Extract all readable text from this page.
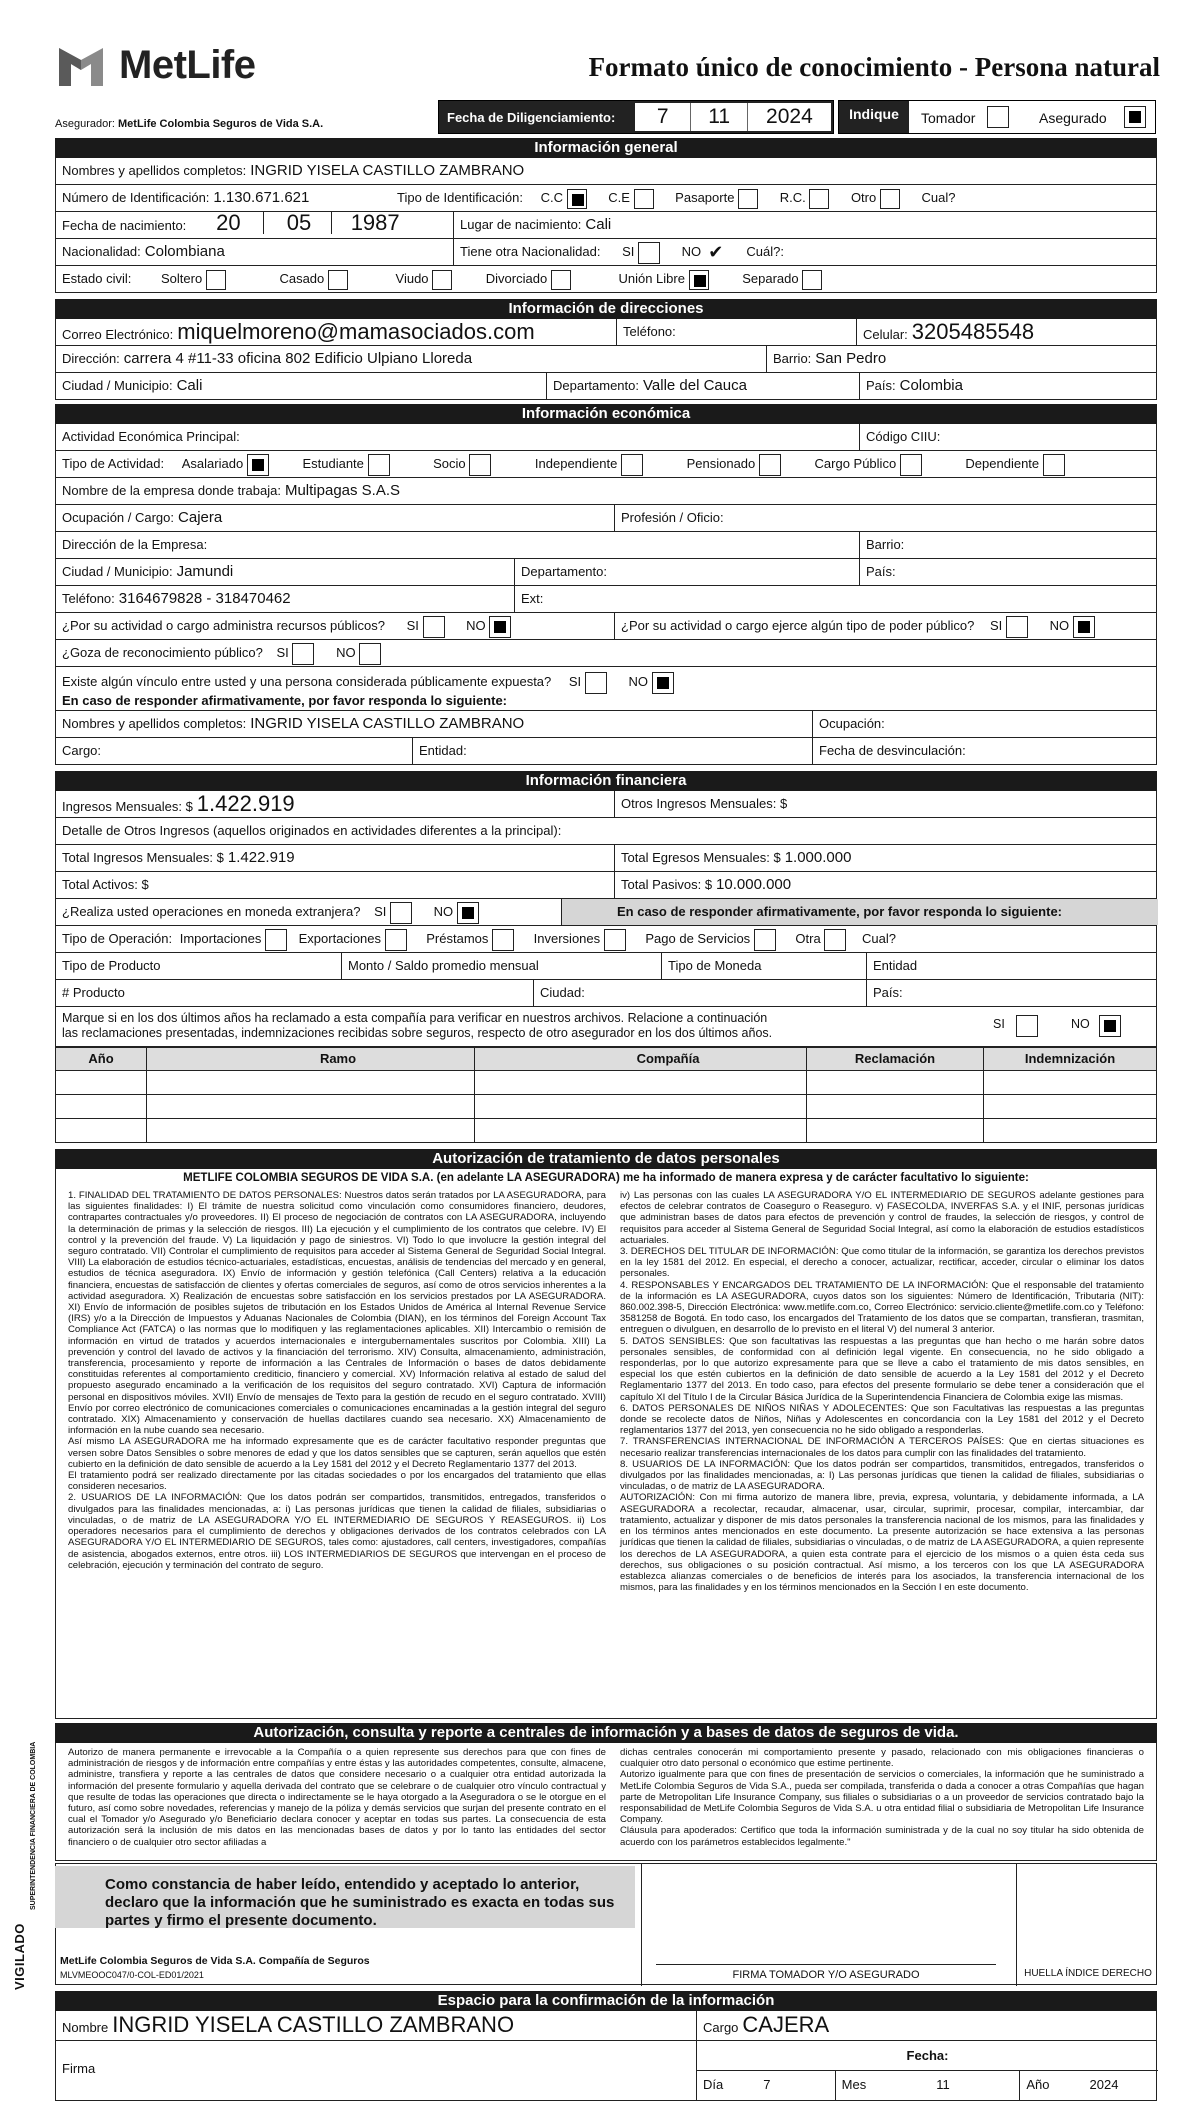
MetLife	Formato único de conocimiento - Persona natural
Asegurador: MetLife Colombia Seguros de Vida S.A.	Fecha de Diligenciamiento:	7	11	2024	Indique	Tomador	Asegurado
Información general
Nombres y apellidos completos: INGRID YISELA CASTILLO ZAMBRANO
Número de Identificación: 1.130.671.621	Tipo de Identificación: C.C	C.E	Pasaporte	R.C.	Otro	Cual?
Fecha de nacimiento: 20 05 1987	Lugar de nacimiento: Cali
Nacionalidad: Colombiana	Tiene otra Nacionalidad: SI	NO ✔ Cuál?:
Estado civil: Soltero	Casado	Viudo	Divorciado	Unión Libre	Separado
Información de direcciones
Correo Electrónico: miquelmoreno@mamasociados.com	Teléfono:	Celular: 3205485548
Dirección: carrera 4 #11-33 oficina 802 Edificio Ulpiano Lloreda	Barrio: San Pedro
Ciudad / Municipio: Cali	Departamento: Valle del Cauca	País: Colombia
Información económica
Actividad Económica Principal:	Código CIIU:
Tipo de Actividad: Asalariado	Estudiante	Socio	Independiente	Pensionado	Cargo Público	Dependiente
Nombre de la empresa donde trabaja: Multipagas S.A.S
Ocupación / Cargo: Cajera	Profesión / Oficio:
Dirección de la Empresa:	Barrio:
Ciudad / Municipio: Jamundi	Departamento:	País:
Teléfono: 3164679828 - 318470462	Ext:
¿Por su actividad o cargo administra recursos públicos? SI	NO	¿Por su actividad o cargo ejerce algún tipo de poder público? SI	NO
¿Goza de reconocimiento público? SI	NO
Existe algún vínculo entre usted y una persona considerada públicamente expuesta? SI	NO
En caso de responder afirmativamente, por favor responda lo siguiente:
Nombres y apellidos completos: INGRID YISELA CASTILLO ZAMBRANO	Ocupación:
Cargo:	Entidad:	Fecha de desvinculación:
Información financiera
Ingresos Mensuales: $ 1.422.919	Otros Ingresos Mensuales: $
Detalle de Otros Ingresos (aquellos originados en actividades diferentes a la principal):
Total Ingresos Mensuales: $ 1.422.919	Total Egresos Mensuales: $ 1.000.000
Total Activos: $	Total Pasivos: $ 10.000.000
¿Realiza usted operaciones en moneda extranjera? SI	NO	En caso de responder afirmativamente, por favor responda lo siguiente:
Tipo de Operación: Importaciones	Exportaciones	Préstamos	Inversiones	Pago de Servicios	Otra	Cual?
Tipo de Producto	Monto / Saldo promedio mensual	Tipo de Moneda	Entidad
# Producto	Ciudad:	País:
Marque si en los dos últimos años ha reclamado a esta compañía para verificar en nuestros archivos. Relacione a continuación
las reclamaciones presentadas, indemnizaciones recibidas sobre seguros, respecto de otro asegurador en los dos últimos años.
SI	NO
Año	Ramo	Compañía	Reclamación	Indemnización
Autorización de tratamiento de datos personales
METLIFE COLOMBIA SEGUROS DE VIDA S.A. (en adelante LA ASEGURADORA) me ha informado de manera expresa y de carácter facultativo lo siguiente:
1. FINALIDAD DEL TRATAMIENTO DE DATOS PERSONALES: Nuestros datos serán tratados por LA ASEGURADORA, para las siguientes finalidades: I) El trámite de nuestra solicitud como vinculación como consumidores financiero, deudores, contrapartes contractuales y/o proveedores. II) El proceso de negociación de contratos con LA ASEGURADORA, incluyendo la determinación de primas y la selección de riesgos. III) La ejecución y el cumplimiento de los contratos que celebre. IV) El control y la prevención del fraude. V) La liquidación y pago de siniestros. VI) Todo lo que involucre la gestión integral del seguro contratado. VII) Controlar el cumplimiento de requisitos para acceder al Sistema General de Seguridad Social Integral. VIII) La elaboración de estudios técnico-actuariales, estadísticas, encuestas, análisis de tendencias del mercado y en general, estudios de técnica aseguradora. IX) Envío de información y gestión telefónica (Call Centers) relativa a la educación financiera, encuestas de satisfacción de clientes y ofertas comerciales de seguros, así como de otros servicios inherentes a la actividad aseguradora. X) Realización de encuestas sobre satisfacción en los servicios prestados por LA ASEGURADORA. XI) Envío de información de posibles sujetos de tributación en los Estados Unidos de América al Internal Revenue Service (IRS) y/o a la Dirección de Impuestos y Aduanas Nacionales de Colombia (DIAN), en los términos del Foreign Account Tax Compliance Act (FATCA) o las normas que lo modifiquen y las reglamentaciones aplicables. XII) Intercambio o remisión de información en virtud de tratados y acuerdos internacionales e intergubernamentales suscritos por Colombia. XIII) La prevención y control del lavado de activos y la financiación del terrorismo. XIV) Consulta, almacenamiento, administración, transferencia, procesamiento y reporte de información a las Centrales de Información o bases de datos debidamente constituidas referentes al comportamiento crediticio, financiero y comercial. XV) Información relativa al estado de salud del propuesto asegurado encaminado a la verificación de los requisitos del seguro contratado. XVI) Captura de información personal en dispositivos móviles. XVII) Envío de mensajes de Texto para la gestión de recudo en el seguro contratado. XVIII) Envío por correo electrónico de comunicaciones comerciales o comunicaciones encaminadas a la gestión integral del seguro contratado. XIX) Almacenamiento y conservación de huellas dactilares cuando sea necesario. XX) Almacenamiento de información en la nube cuando sea necesario.
Así mismo LA ASEGURADORA me ha informado expresamente que es de carácter facultativo responder preguntas que versen sobre Datos Sensibles o sobre menores de edad y que los datos sensibles que se capturen, serán aquellos que estén cubierto en la definición de dato sensible de acuerdo a la Ley 1581 del 2012 y el Decreto Reglamentario 1377 del 2013.
El tratamiento podrá ser realizado directamente por las citadas sociedades o por los encargados del tratamiento que ellas consideren necesarios.
2. USUARIOS DE LA INFORMACIÓN: Que los datos podrán ser compartidos, transmitidos, entregados, transferidos o divulgados para las finalidades mencionadas, a: i) Las personas jurídicas que tienen la calidad de filiales, subsidiarias o vinculadas, o de matriz de LA ASEGURADORA Y/O EL INTERMEDIARIO DE SEGUROS Y REASEGUROS. ii) Los operadores necesarios para el cumplimiento de derechos y obligaciones derivados de los contratos celebrados con LA ASEGURADORA Y/O EL INTERMEDIARIO DE SEGUROS, tales como: ajustadores, call centers, investigadores, compañías de asistencia, abogados externos, entre otros. iii) LOS INTERMEDIARIOS DE SEGUROS que intervengan en el proceso de celebración, ejecución y terminación del contrato de seguro.
iv) Las personas con las cuales LA ASEGURADORA Y/O EL INTERMEDIARIO DE SEGUROS adelante gestiones para efectos de celebrar contratos de Coaseguro o Reaseguro. v) FASECOLDA, INVERFAS S.A. y el INIF, personas jurídicas que administran bases de datos para efectos de prevención y control de fraudes, la selección de riesgos, y control de requisitos para acceder al Sistema General de Seguridad Social Integral, así como la elaboración de estudios estadísticos actuariales.
3. DERECHOS DEL TITULAR DE INFORMACIÓN: Que como titular de la información, se garantiza los derechos previstos en la ley 1581 del 2012. En especial, el derecho a conocer, actualizar, rectificar, acceder, circular o eliminar los datos personales.
4. RESPONSABLES Y ENCARGADOS DEL TRATAMIENTO DE LA INFORMACIÓN: Que el responsable del tratamiento de la información es LA ASEGURADORA, cuyos datos son los siguientes: Número de Identificación, Tributaria (NIT): 860.002.398-5, Dirección Electrónica: www.metlife.com.co, Correo Electrónico: servicio.cliente@metlife.com.co y Teléfono: 3581258 de Bogotá. En todo caso, los encargados del Tratamiento de los datos que se compartan, transfieran, trasmitan, entreguen o divulguen, en desarrollo de lo previsto en el literal V) del numeral 3 anterior.
5. DATOS SENSIBLES: Que son facultativas las respuestas a las preguntas que han hecho o me harán sobre datos personales sensibles, de conformidad con al definición legal vigente. En consecuencia, no he sido obligado a responderlas, por lo que autorizo expresamente para que se lleve a cabo el tratamiento de mis datos sensibles, en especial los que estén cubiertos en la definición de dato sensible de acuerdo a la Ley 1581 del 2012 y el Decreto Reglamentario 1377 del 2013. En todo caso, para efectos del presente formulario se debe tener a consideración que el capítulo XI del Título I de la Circular Básica Jurídica de la Superintendencia Financiera de Colombia exige las mismas.
6. DATOS PERSONALES DE NIÑOS NIÑAS Y ADOLECENTES: Que son Facultativas las respuestas a las preguntas donde se recolecte datos de Niños, Niñas y Adolescentes en concordancia con la Ley 1581 del 2012 y el Decreto reglamentarios 1377 del 2013, yen consecuencia no he sido obligado a responderlas.
7. TRANSFERENCIAS INTERNACIONAL DE INFORMACIÓN A TERCEROS PAÍSES: Que en ciertas situaciones es necesario realizar transferencias internacionales de los datos para cumplir con las finalidades del tratamiento.
8. USUARIOS DE LA INFORMACIÓN: Que los datos podrán ser compartidos, transmitidos, entregados, transferidos o divulgados por las finalidades mencionadas, a: I) Las personas jurídicas que tienen la calidad de filiales, subsidiarias o vinculadas, o de matriz de LA ASEGURADORA.
AUTORIZACIÓN: Con mi firma autorizo de manera libre, previa, expresa, voluntaria, y debidamente informada, a LA ASEGURADORA a recolectar, recaudar, almacenar, usar, circular, suprimir, procesar, compilar, intercambiar, dar tratamiento, actualizar y disponer de mis datos personales la transferencia nacional de los mismos, para las finalidades y en los términos antes mencionados en este documento. La presente autorización se hace extensiva a las personas jurídicas que tienen la calidad de filiales, subsidiarias o vinculadas, o de matriz de LA ASEGURADORA, a quien represente los derechos de LA ASEGURADORA, a quien esta contrate para el ejercicio de los mismos o a quien ésta ceda sus derechos, sus obligaciones o su posición contractual. Así mismo, a los terceros con los que LA ASEGURADORA establezca alianzas comerciales o de beneficios de interés para los asociados, la transferencia internacional de los mismos, para las finalidades y en los términos mencionados en la Sección I en este documento.
Autorización, consulta y reporte a centrales de información y a bases de datos de seguros de vida.
Autorizo de manera permanente e irrevocable a la Compañía o a quien represente sus derechos para que con fines de administración de riesgos y de información entre compañías y entre éstas y las autoridades competentes, consulte, almacene, administre, transfiera y reporte a las centrales de datos que considere necesario o a cualquier otra entidad autorizada la información del presente formulario y aquella derivada del contrato que se celebrare o de cualquier otro vínculo contractual y que resulte de todas las operaciones que directa o indirectamente se le haya otorgado a la Aseguradora o se le otorgue en el futuro, así como sobre novedades, referencias y manejo de la póliza y demás servicios que surjan del presente contrato en el cual el Tomador y/o Asegurado y/o Beneficiario declara conocer y aceptar en todas sus partes. La consecuencia de esta autorización será la inclusión de mis datos en las mencionadas bases de datos y por lo tanto las entidades del sector financiero o de cualquier otro sector afiliadas a
dichas centrales conocerán mi comportamiento presente y pasado, relacionado con mis obligaciones financieras o cualquier otro dato personal o económico que estime pertinente.
Autorizo igualmente para que con fines de presentación de servicios o comerciales, la información que he suministrado a MetLife Colombia Seguros de Vida S.A., pueda ser compilada, transferida o dada a conocer a otras Compañías que hagan parte de Metropolitan Life Insurance Company, sus filiales o subsidiarias o a un proveedor de servicios contratado bajo la responsabilidad de MetLife Colombia Seguros de Vida S.A. u otra entidad filial o subsidiaria de Metropolitan Life Insurance Company.
Cláusula para apoderados: Certifico que toda la información suministrada y de la cual no soy titular ha sido obtenida de acuerdo con los parámetros establecidos legalmente."
FIRMA TOMADOR Y/O ASEGURADO	HUELLA ÍNDICE DERECHO
Como constancia de haber leído, entendido y aceptado lo anterior, declaro que la información que he suministrado es exacta en todas sus partes y firmo el presente documento.
MetLife Colombia Seguros de Vida S.A. Compañía de Seguros
MLVMEOOC047/0-COL-ED01/2021
VIGILADO
SUPERINTENDENCIA FINANCIERA DE COLOMBIA
Espacio para la confirmación de la información
Nombre INGRID YISELA CASTILLO ZAMBRANO	Cargo CAJERA
Firma
Fecha:
Día	7	Mes	11	Año	2024
